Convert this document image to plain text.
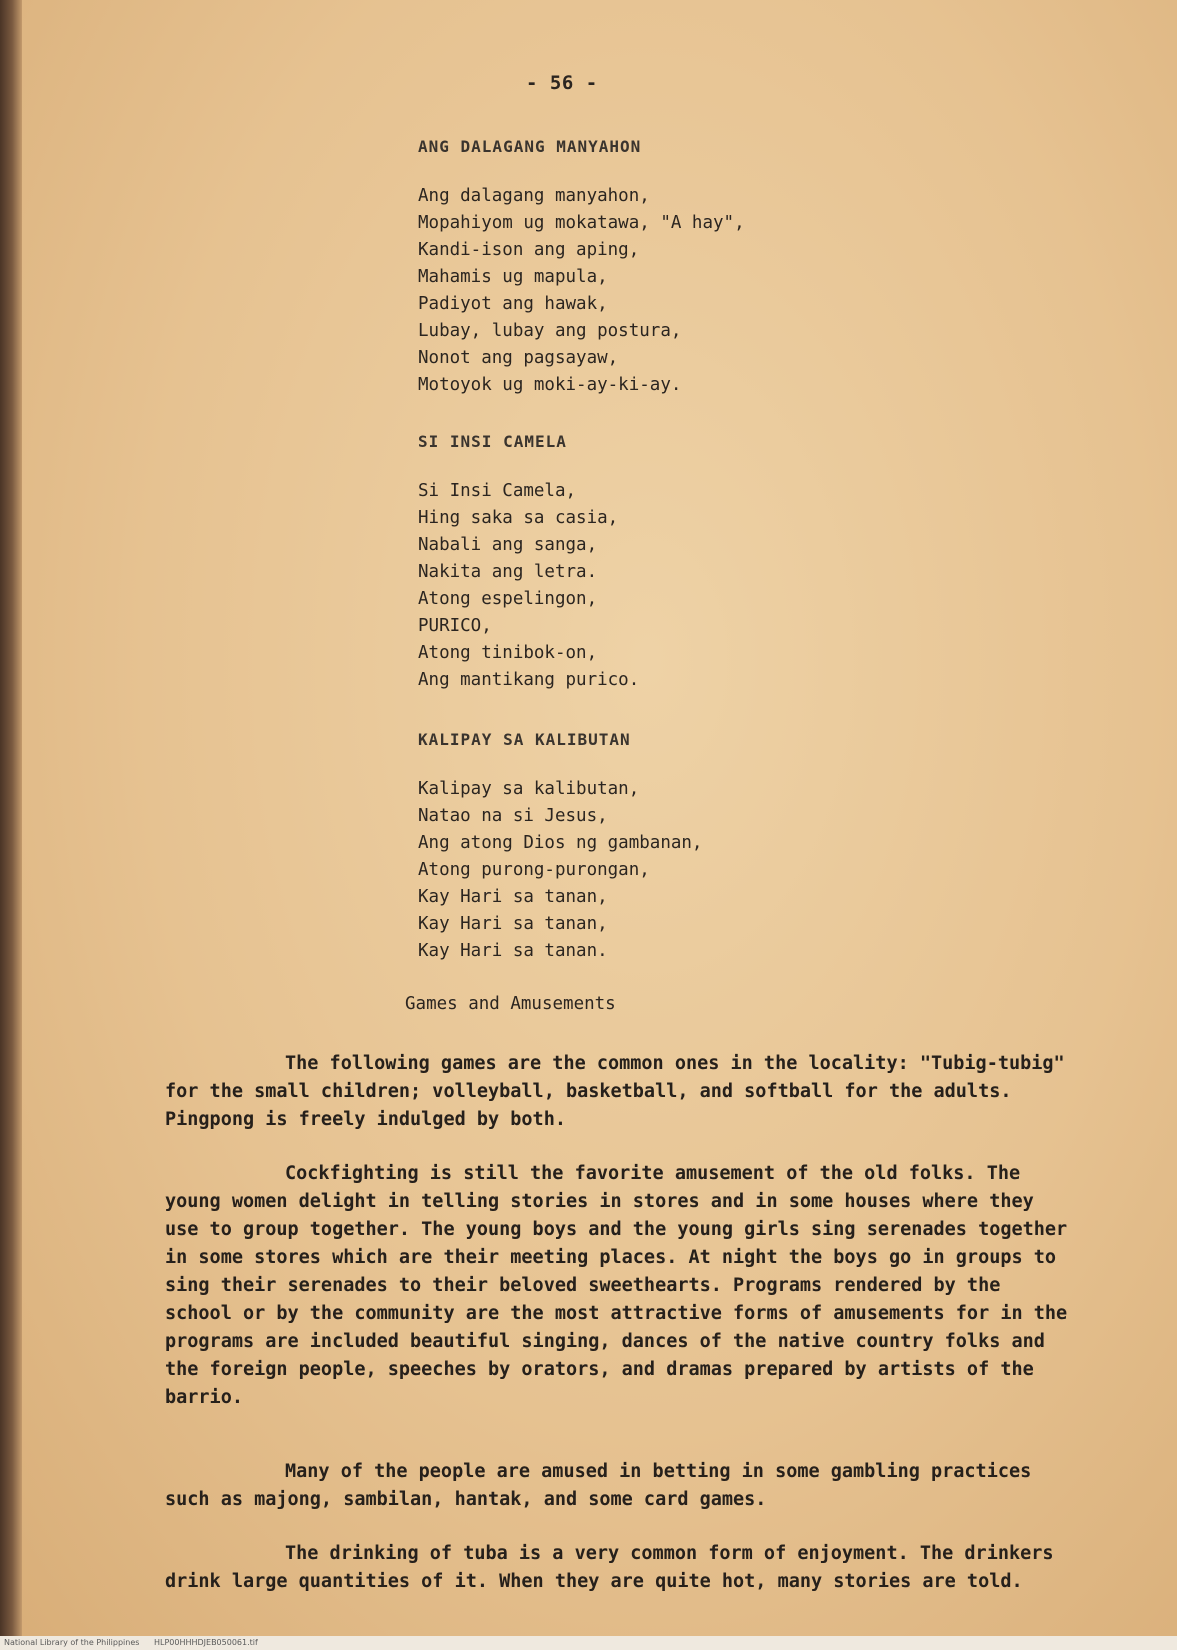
- 56 -
ANG DALAGANG MANYAHON
Ang dalagang manyahon,
Mopahiyom ug mokatawa, "A hay",
Kandi-ison ang aping,
Mahamis ug mapula,
Padiyot ang hawak,
Lubay, lubay ang postura,
Nonot ang pagsayaw,
Motoyok ug moki-ay-ki-ay.
SI INSI CAMELA
Si Insi Camela,
Hing saka sa casia,
Nabali ang sanga,
Nakita ang letra.
Atong espelingon,
PURICO,
Atong tinibok-on,
Ang mantikang purico.
KALIPAY SA KALIBUTAN
Kalipay sa kalibutan,
Natao na si Jesus,
Ang atong Dios ng gambanan,
Atong purong-purongan,
Kay Hari sa tanan,
Kay Hari sa tanan,
Kay Hari sa tanan.
Games and Amusements

The following games are the common ones in the locality: "Tubig-tubig" for the small children; volleyball, basketball, and softball for the adults. Pingpong is freely indulged by both.

Cockfighting is still the favorite amusement of the old folks. The young women delight in telling stories in stores and in some houses where they use to group together. The young boys and the young girls sing serenades together in some stores which are their meeting places. At night the boys go in groups to sing their serenades to their beloved sweethearts. Programs rendered by the school or by the community are the most attractive forms of amusements for in the programs are included beautiful singing, dances of the native country folks and the foreign people, speeches by orators, and dramas prepared by artists of the barrio.

Many of the people are amused in betting in some gambling practices such as majong, sambilan, hantak, and some card games.

The drinking of tuba is a very common form of enjoyment. The drinkers drink large quantities of it. When they are quite hot, many stories are told.

National Library of the Philippines HLP00HHHDJEB050061.tif
